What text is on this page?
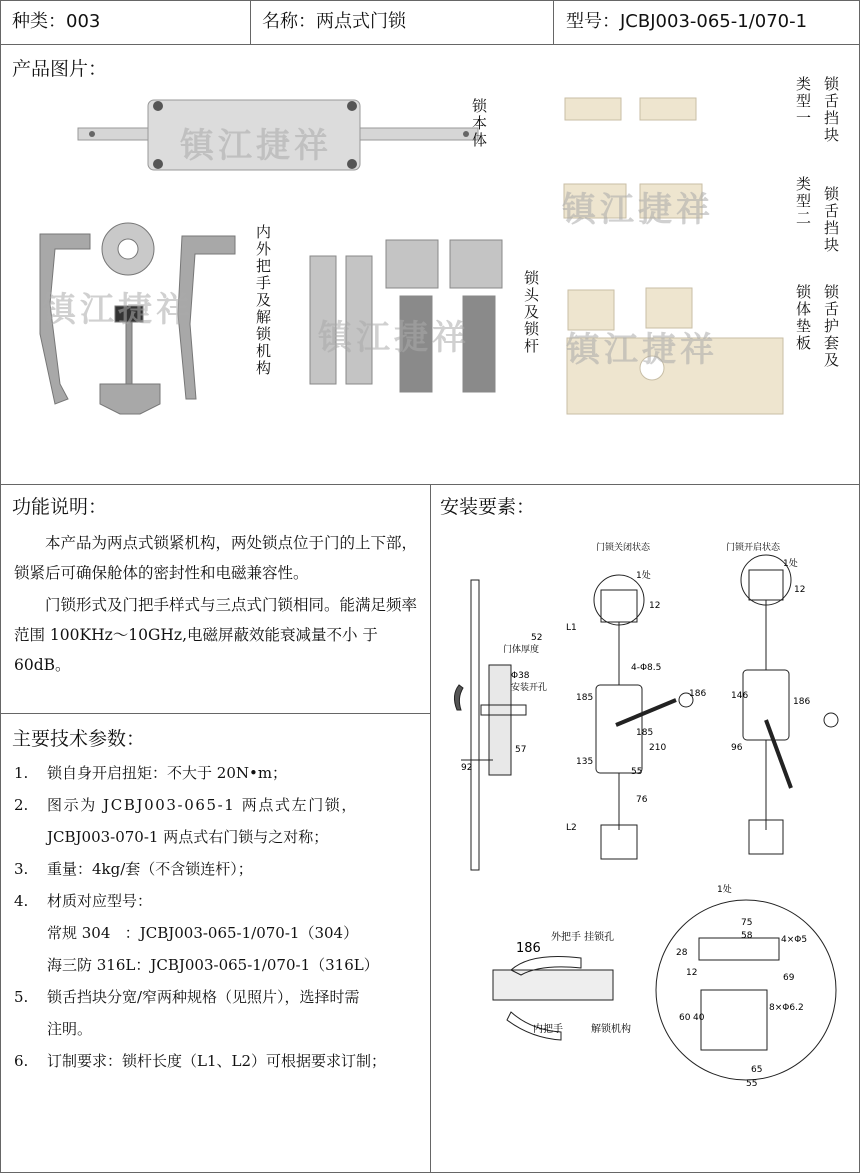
种类：003	名称：两点式门锁	型号：JCBJ003-065-1/070-1
产品图片：
镇江捷祥
镇江捷祥
镇江捷祥
镇江捷祥
镇江捷祥
锁本体
内外把手及解锁机构	锁头及锁杆
类型一 锁舌挡块
类型二 锁舌挡块
锁体垫板 锁舌护套及
功能说明：
本产品为两点式锁紧机构，两处锁点位于门的上下部，锁紧后可确保舱体的密封性和电磁兼容性。
门锁形式及门把手样式与三点式门锁相同。能满足频率范围 100KHz～10GHz,电磁屏蔽效能衰减量不小 于60dB。
主要技术参数：
1. 锁自身开启扭矩：不大于 20N•m；
2. 图示为 JCBJ003-065-1 两点式左门锁，
JCBJ003-070-1 两点式右门锁与之对称；
3. 重量：4kg/套（不含锁连杆）；
4. 材质对应型号：
常规 304   ：JCBJ003-065-1/070-1（304）
海三防 316L：JCBJ003-065-1/070-1（316L）
5. 锁舌挡块分宽/窄两种规格（见照片），选择时需
注明。
6. 订制要求：锁杆长度（L1、L2）可根据要求订制；
安装要素：
门锁关闭状态	门锁开启状态
门体厚度
52
Φ38
安装开孔
57
92
L1
185
135
L2
4-Φ8.5
186
185
210
55
76
1处
12
1处
12
146
96
186
1处
186
外把手 挂锁孔
内把手	解锁机构
75
58	4×Φ5
28
12
60 40
8×Φ6.2
69
65
55
